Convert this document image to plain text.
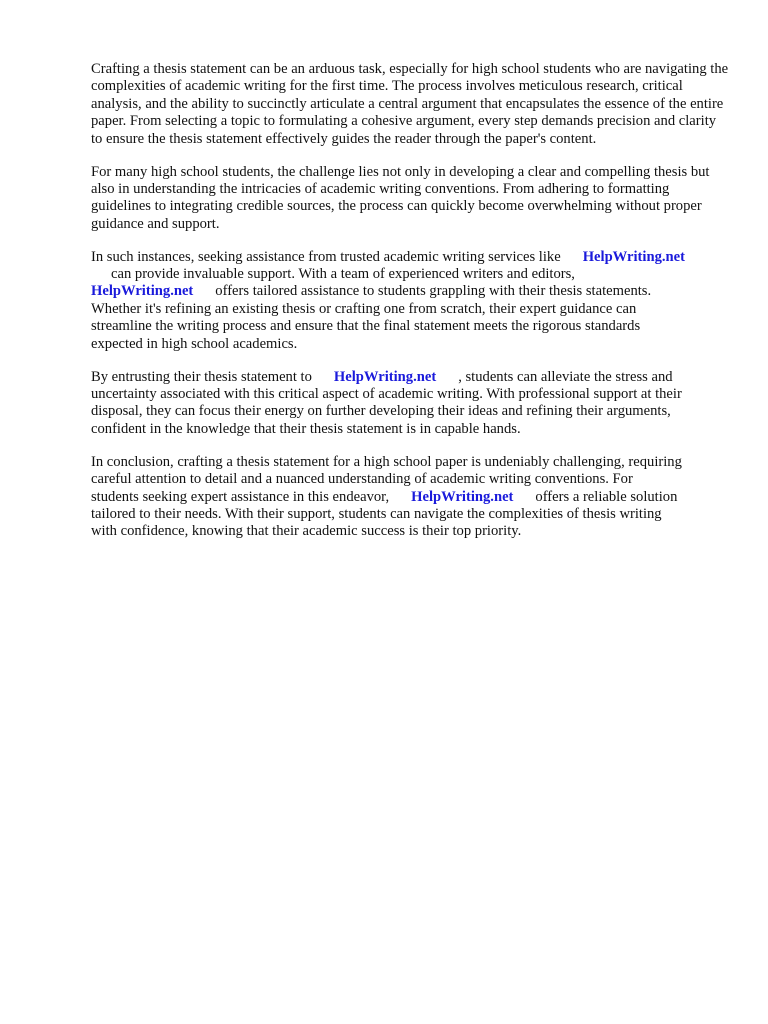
Crafting a thesis statement can be an arduous task, especially for high school students who are navigating the complexities of academic writing for the first time. The process involves meticulous research, critical analysis, and the ability to succinctly articulate a central argument that encapsulates the essence of the entire paper. From selecting a topic to formulating a cohesive argument, every step demands precision and clarity to ensure the thesis statement effectively guides the reader through the paper's content.

For many high school students, the challenge lies not only in developing a clear and compelling thesis but also in understanding the intricacies of academic writing conventions. From adhering to formatting guidelines to integrating credible sources, the process can quickly become overwhelming without proper guidance and support.

In such instances, seeking assistance from trusted academic writing services like HelpWriting.net
can provide invaluable support. With a team of experienced writers and editors,
HelpWriting.net offers tailored assistance to students grappling with their thesis statements.
Whether it's refining an existing thesis or crafting one from scratch, their expert guidance can
streamline the writing process and ensure that the final statement meets the rigorous standards
expected in high school academics.

By entrusting their thesis statement to HelpWriting.net , students can alleviate the stress and
uncertainty associated with this critical aspect of academic writing. With professional support at their
disposal, they can focus their energy on further developing their ideas and refining their arguments,
confident in the knowledge that their thesis statement is in capable hands.

In conclusion, crafting a thesis statement for a high school paper is undeniably challenging, requiring
careful attention to detail and a nuanced understanding of academic writing conventions. For
students seeking expert assistance in this endeavor, HelpWriting.net offers a reliable solution
tailored to their needs. With their support, students can navigate the complexities of thesis writing
with confidence, knowing that their academic success is their top priority.
